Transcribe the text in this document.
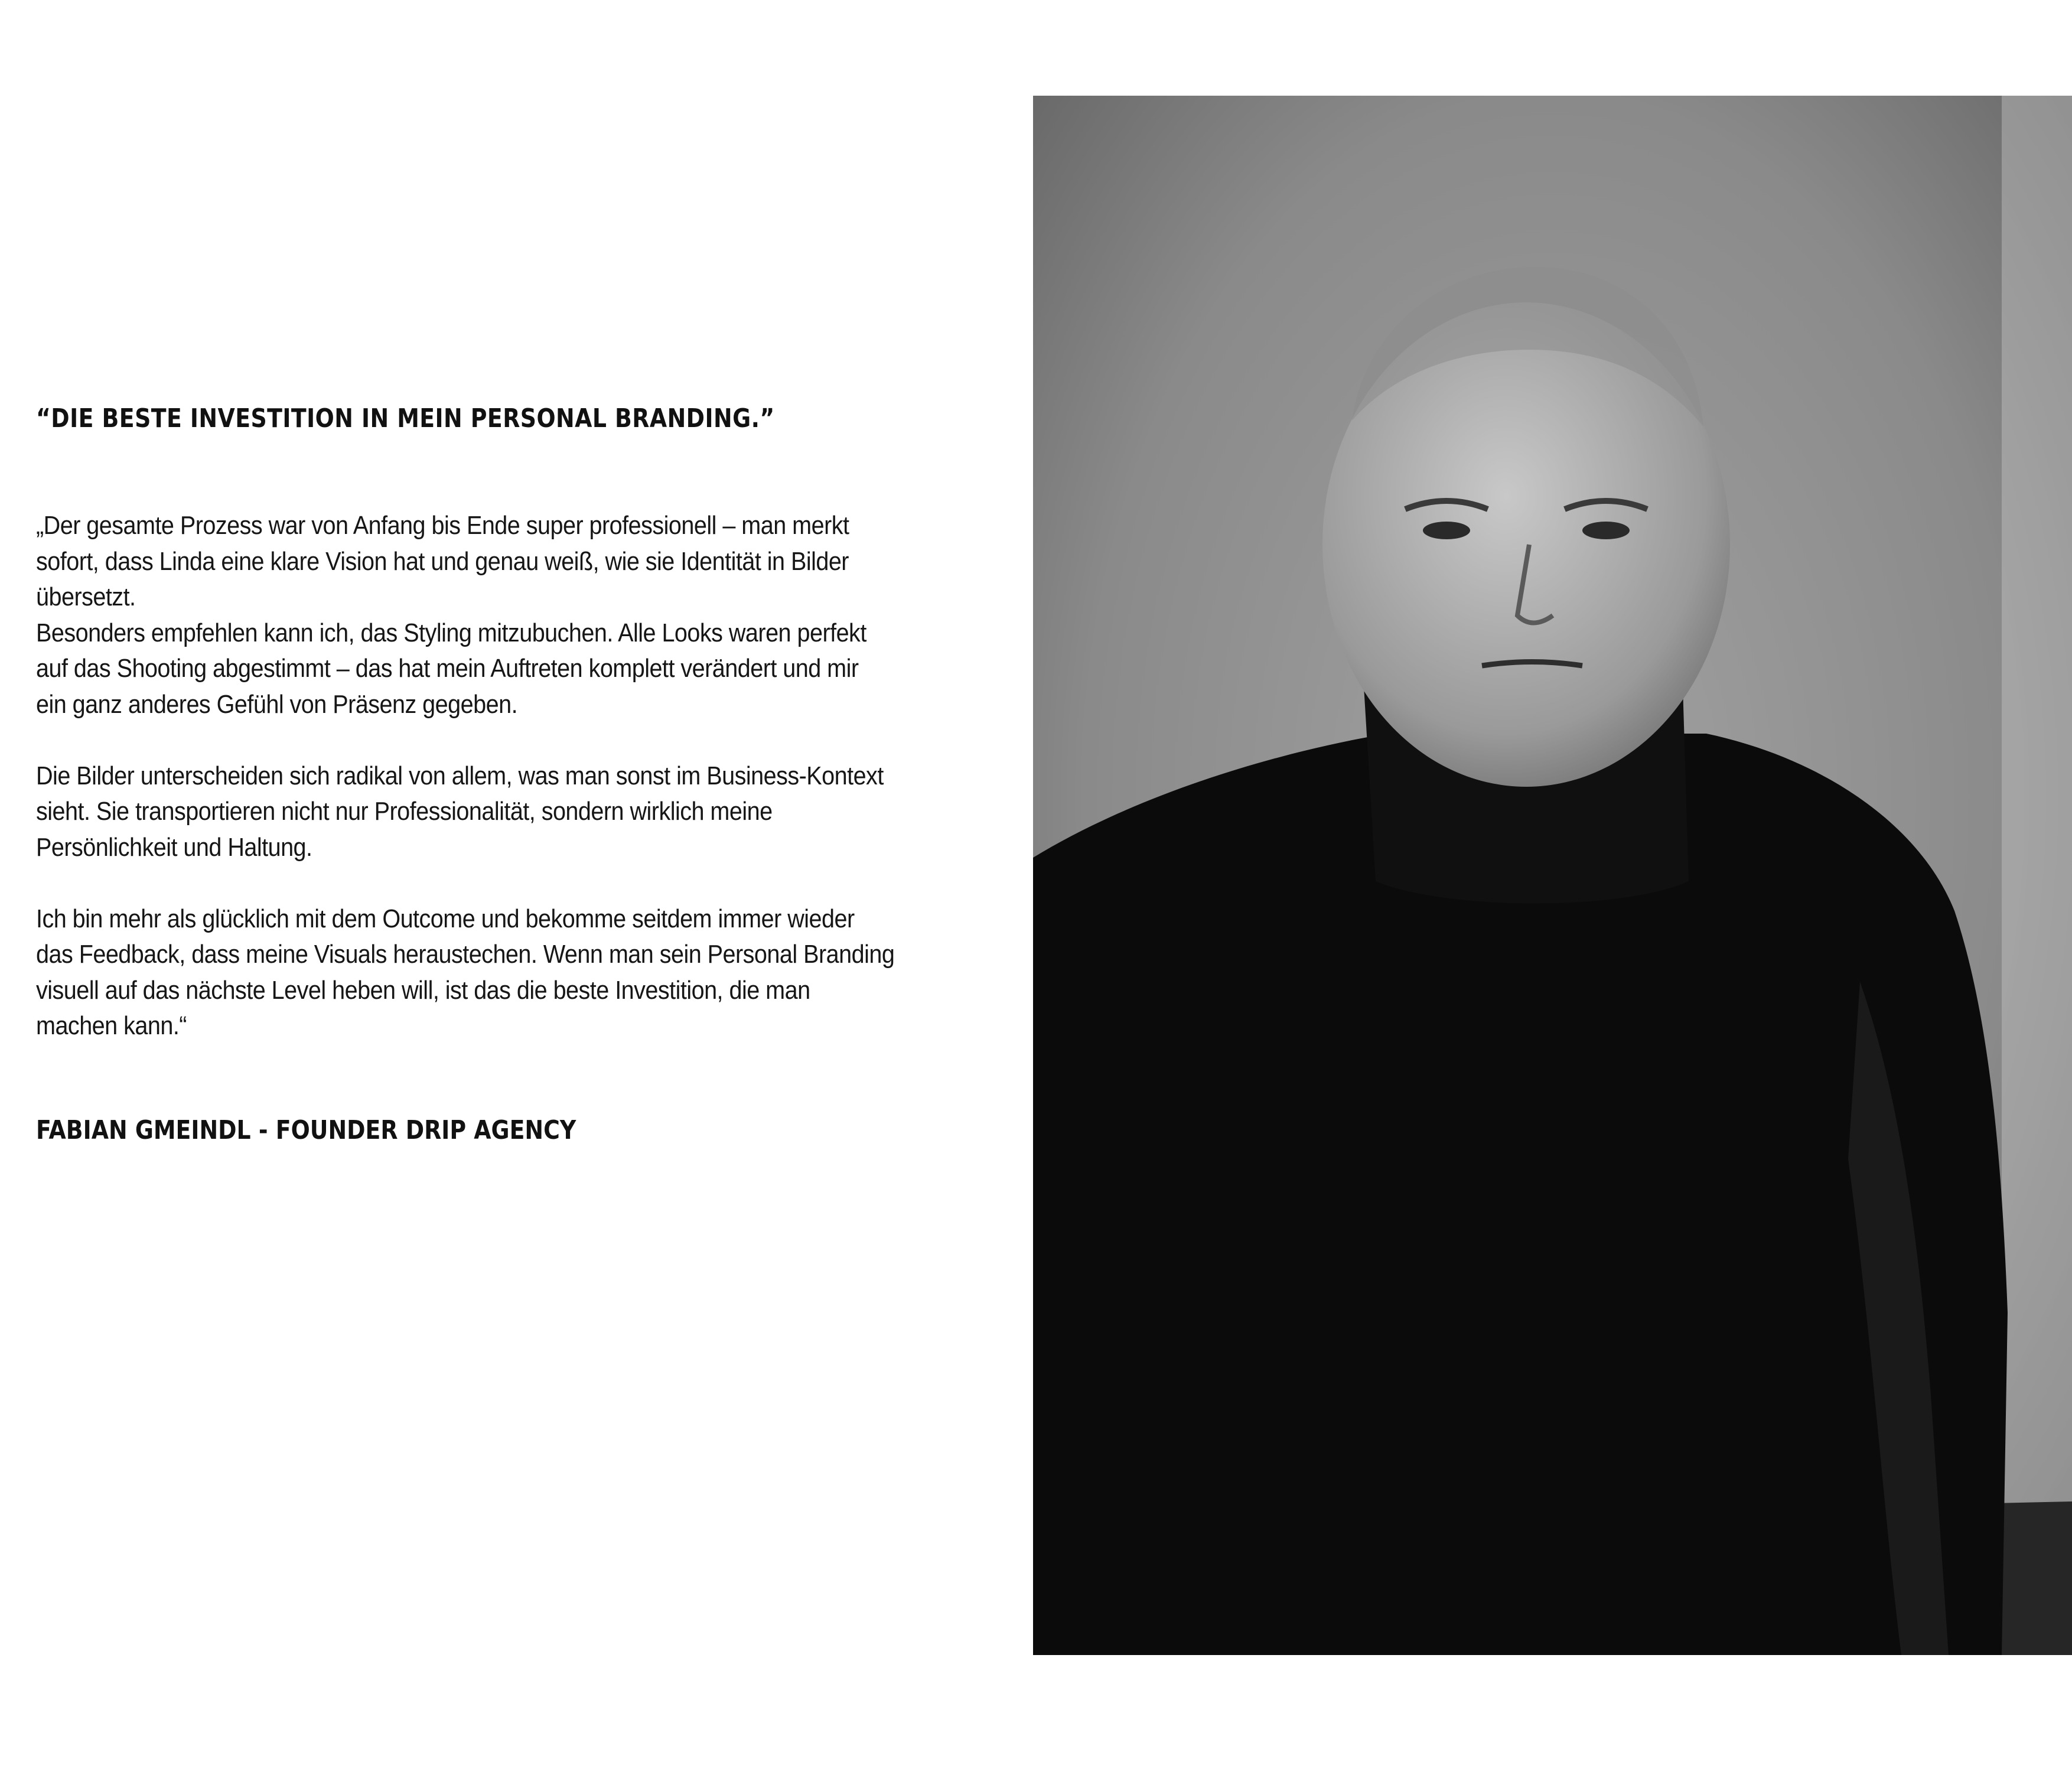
“DIE BESTE INVESTITION IN MEIN PERSONAL BRANDING.”

„Der gesamte Prozess war von Anfang bis Ende super professionell – man merkt
sofort, dass Linda eine klare Vision hat und genau weiß, wie sie Identität in Bilder
übersetzt.
Besonders empfehlen kann ich, das Styling mitzubuchen. Alle Looks waren perfekt
auf das Shooting abgestimmt – das hat mein Auftreten komplett verändert und mir
ein ganz anderes Gefühl von Präsenz gegeben.

Die Bilder unterscheiden sich radikal von allem, was man sonst im Business-Kontext
sieht. Sie transportieren nicht nur Professionalität, sondern wirklich meine
Persönlichkeit und Haltung.

Ich bin mehr als glücklich mit dem Outcome und bekomme seitdem immer wieder
das Feedback, dass meine Visuals heraustechen. Wenn man sein Personal Branding
visuell auf das nächste Level heben will, ist das die beste Investition, die man
machen kann.“

FABIAN GMEINDL - FOUNDER DRIP AGENCY
